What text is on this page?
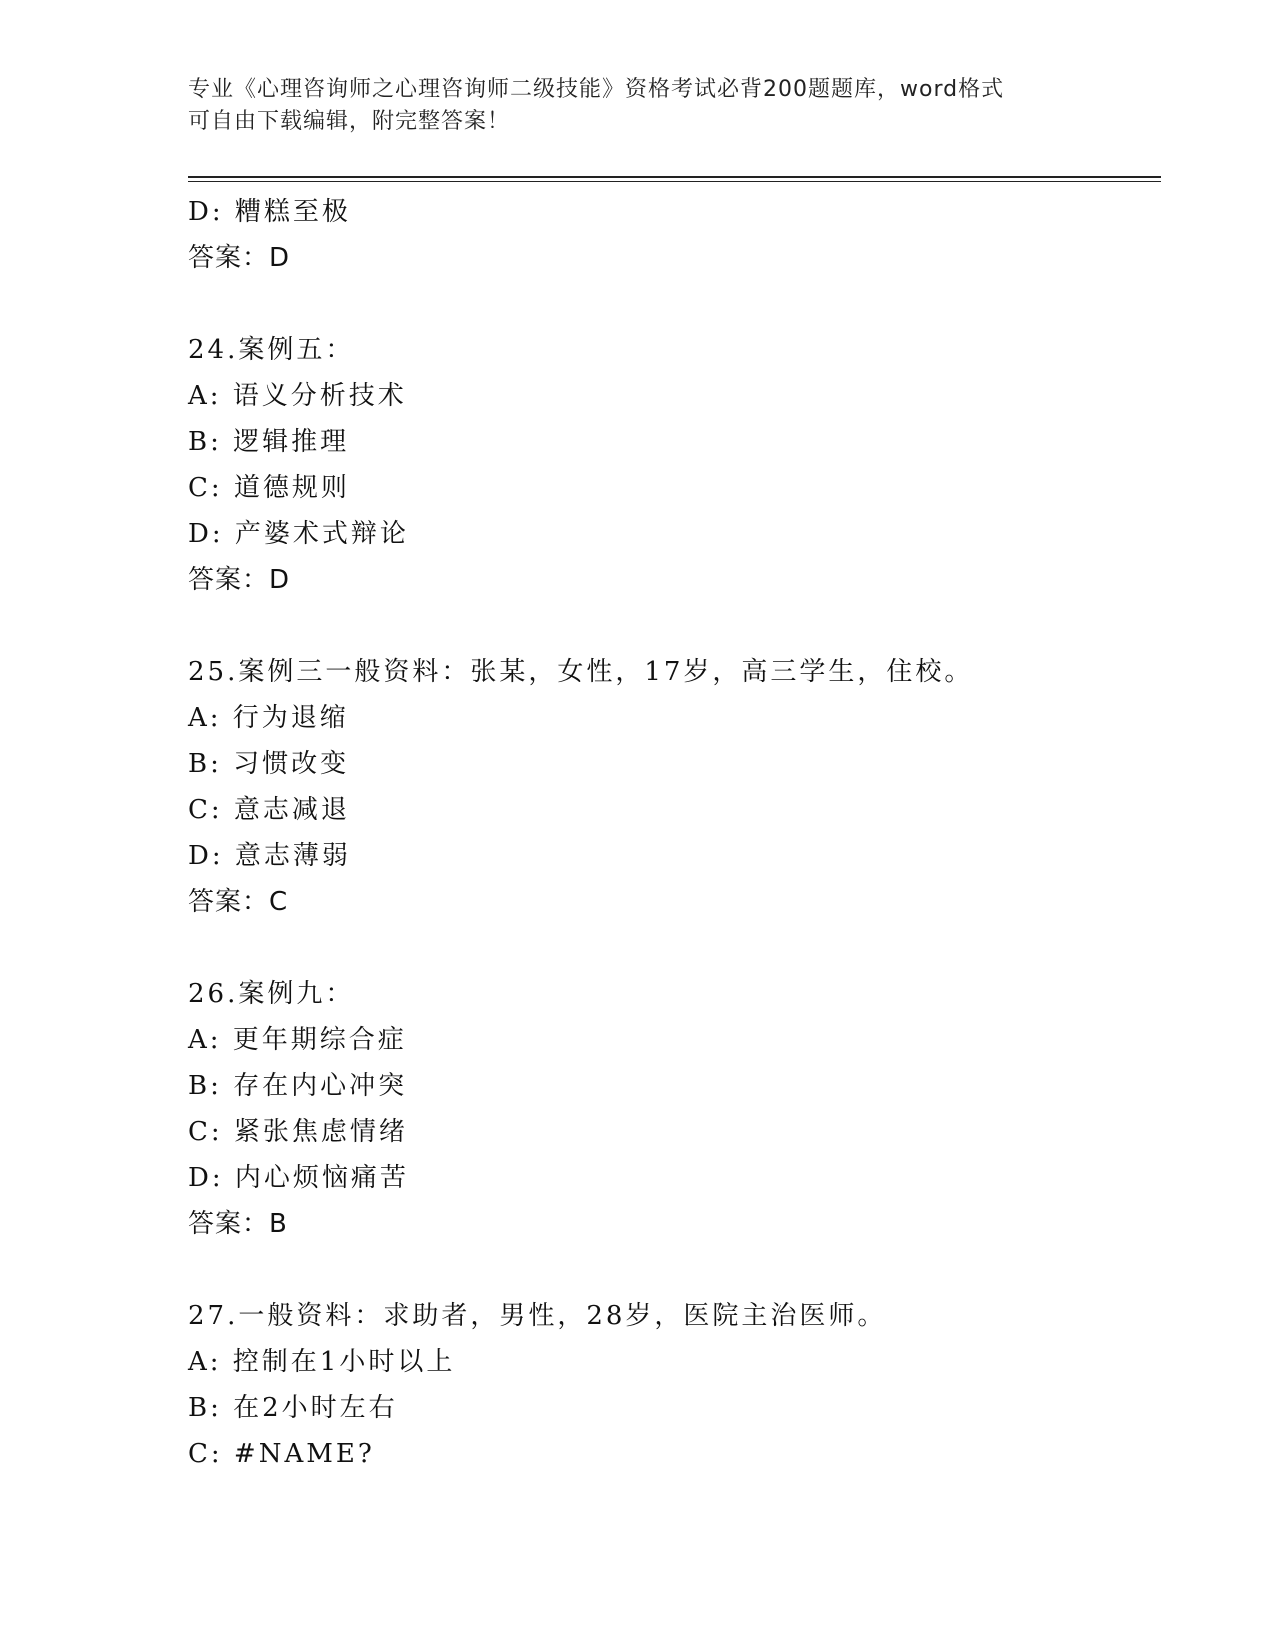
专业《心理咨询师之心理咨询师二级技能》资格考试必背200题题库，word格式
可自由下载编辑，附完整答案！
D: 糟糕至极
答案：D
24.案例五：
A: 语义分析技术
B: 逻辑推理
C: 道德规则
D: 产婆术式辩论
答案：D
25.案例三一般资料：张某，女性，17岁，高三学生，住校。
A: 行为退缩
B: 习惯改变
C: 意志减退
D: 意志薄弱
答案：C
26.案例九：
A: 更年期综合症
B: 存在内心冲突
C: 紧张焦虑情绪
D: 内心烦恼痛苦
答案：B
27.一般资料：求助者，男性，28岁，医院主治医师。
A: 控制在1小时以上
B: 在2小时左右
C: #NAME?
